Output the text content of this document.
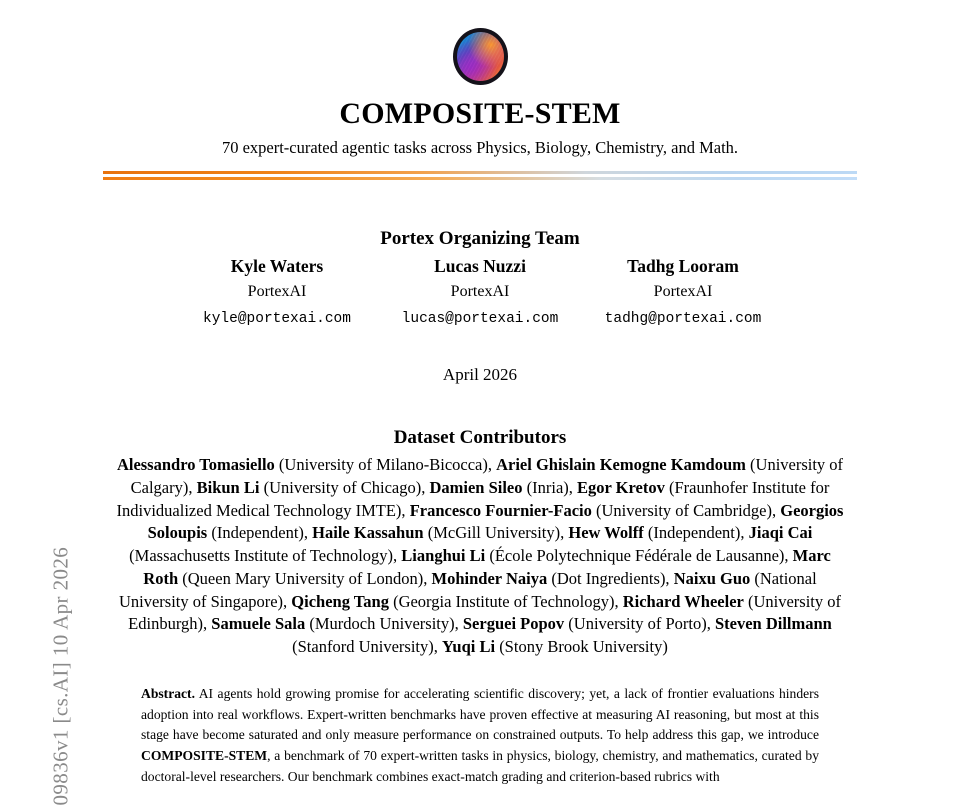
09836v1 [cs.AI] 10 Apr 2026
COMPOSITE-STEM
70 expert-curated agentic tasks across Physics, Biology, Chemistry, and Math.
Portex Organizing Team
Kyle Waters
PortexAI
kyle@portexai.com
Lucas Nuzzi
PortexAI
lucas@portexai.com
Tadhg Looram
PortexAI
tadhg@portexai.com
April 2026
Dataset Contributors
Alessandro Tomasiello (University of Milano-Bicocca), Ariel Ghislain Kemogne Kamdoum (University of Calgary), Bikun Li (University of Chicago), Damien Sileo (Inria), Egor Kretov (Fraunhofer Institute for Individualized Medical Technology IMTE), Francesco Fournier-Facio (University of Cambridge), Georgios Soloupis (Independent), Haile Kassahun (McGill University), Hew Wolff (Independent), Jiaqi Cai (Massachusetts Institute of Technology), Lianghui Li (École Polytechnique Fédérale de Lausanne), Marc Roth (Queen Mary University of London), Mohinder Naiya (Dot Ingredients), Naixu Guo (National University of Singapore), Qicheng Tang (Georgia Institute of Technology), Richard Wheeler (University of Edinburgh), Samuele Sala (Murdoch University), Serguei Popov (University of Porto), Steven Dillmann (Stanford University), Yuqi Li (Stony Brook University)
Abstract. AI agents hold growing promise for accelerating scientific discovery; yet, a lack of frontier evaluations hinders adoption into real workflows. Expert-written benchmarks have proven effective at measuring AI reasoning, but most at this stage have become saturated and only measure performance on constrained outputs. To help address this gap, we introduce COMPOSITE-STEM, a benchmark of 70 expert-written tasks in physics, biology, chemistry, and mathematics, curated by doctoral-level researchers. Our benchmark combines exact-match grading and criterion-based rubrics with
